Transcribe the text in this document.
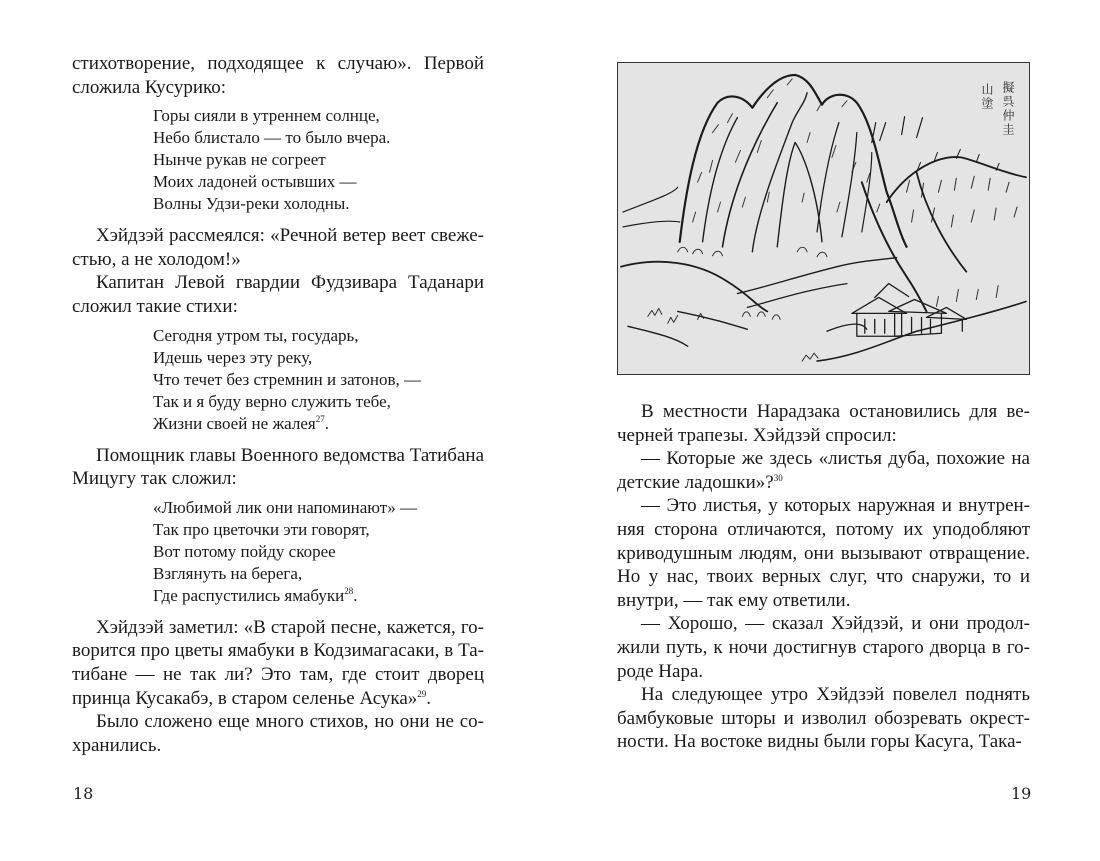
стихотворение, подходящее к случаю». Первой сложила Кусурико:

Горы сияли в утреннем солнце,
Небо блистало — то было вчера.
Нынче рукав не согреет
Моих ладоней остывших —
Волны Удзи-реки холодны.

Хэйдзэй рассмеялся: «Речной ветер веет свежестью, а не холодом!»

Капитан Левой гвардии Фудзивара Таданари сложил такие стихи:

Сегодня утром ты, государь,
Идешь через эту реку,
Что течет без стремнин и затонов, —
Так и я буду верно служить тебе,
Жизни своей не жалея$^{27}$.

Помощник главы Военного ведомства Татибана Мицугу так сложил:

«Любимой лик они напоминают» —
Так про цветочки эти говорят,
Вот потому пойду скорее
Взглянуть на берега,
Где распустились ямабуки$^{28}$.

Хэйдзэй заметил: «В старой песне, кажется, говорится про цветы ямабуки в Кодзимагасаки, в Татибане — не так ли? Это там, где стоит дворец принца Кусакабэ, в старом селенье Асука»$^{29}$.

Было сложено еще много стихов, но они не сохранились.

18
擬呉仲圭
山塗

В местности Нарадзака остановились для вечерней трапезы. Хэйдзэй спросил:

— Которые же здесь «листья дуба, похожие на детские ладошки»?$^{30}$

— Это листья, у которых наружная и внутренняя сторона отличаются, потому их уподобляют криводушным людям, они вызывают отвращение. Но у нас, твоих верных слуг, что снаружи, то и внутри, — так ему ответили.

— Хорошо, — сказал Хэйдзэй, и они продолжили путь, к ночи достигнув старого дворца в городе Нара.

На следующее утро Хэйдзэй повелел поднять бамбуковые шторы и изволил обозревать окрестности. На востоке видны были горы Касуга, Така-

19
